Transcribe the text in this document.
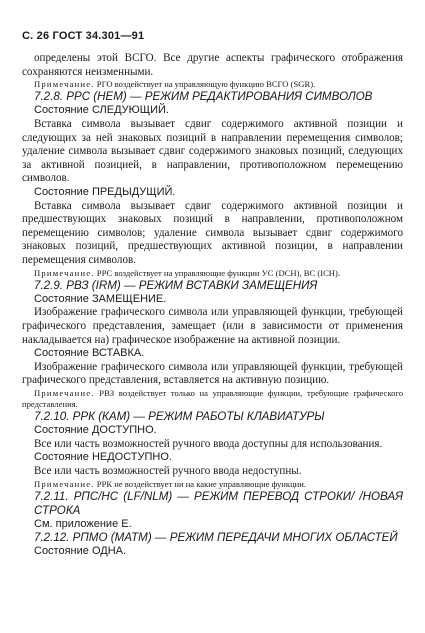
С. 26 ГОСТ 34.301—91

определены этой ВСГО. Все другие аспекты графического отображения сохраняются неизменными.

Примечание. РГО воздействует на управляющую функцию ВСГО (SGR).

7.2.8. РРС (НЕМ) — РЕЖИМ РЕДАКТИРОВАНИЯ СИМВОЛОВ

Состояние СЛЕДУЮЩИЙ.

Вставка символа вызывает сдвиг содержимого активной позиции и следующих за ней знаковых позиций в направлении перемещения символов; удаление символа вызывает сдвиг содержимого знаковых позиций, следующих за активной позицией, в направлении, противоположном перемещению символов.

Состояние ПРЕДЫДУЩИЙ.

Вставка символа вызывает сдвиг содержимого активной позиции и предшествующих знаковых позиций в направлении, противоположном перемещению символов; удаление символа вызывает сдвиг содержимого знаковых позиций, предшествующих активной позиции, в направлении перемещения символов.

Примечание. РРС воздействует на управляющие функции УС (DCH), ВС (ICH).

7.2.9. РВЗ (IRM) — РЕЖИМ ВСТАВКИ ЗАМЕЩЕНИЯ

Состояние ЗАМЕЩЕНИЕ.

Изображение графического символа или управляющей функции, требующей графического представления, замещает (или в зависимости от применения накладывается на) графическое изображение на активной позиции.

Состояние ВСТАВКА.

Изображение графического символа или управляющей функции, требующей графического представления, вставляется на активную позицию.

Примечание. РВЗ воздействует только на управляющие функции, требующие графического представления.

7.2.10. РРК (КАМ) — РЕЖИМ РАБОТЫ КЛАВИАТУРЫ

Состояние ДОСТУПНО.

Все или часть возможностей ручного ввода доступны для использования.

Состояние НЕДОСТУПНО.

Все или часть возможностей ручного ввода недоступны.

Примечание. РРК не воздействует ни на какие управляющие функции.

7.2.11. РПС/НС (LF/NLM) — РЕЖИМ ПЕРЕВОД СТРОКИ/ /НОВАЯ СТРОКА

См. приложение Е.

7.2.12. РПМО (MATM) — РЕЖИМ ПЕРЕДАЧИ МНОГИХ ОБЛАСТЕЙ

Состояние ОДНА.
